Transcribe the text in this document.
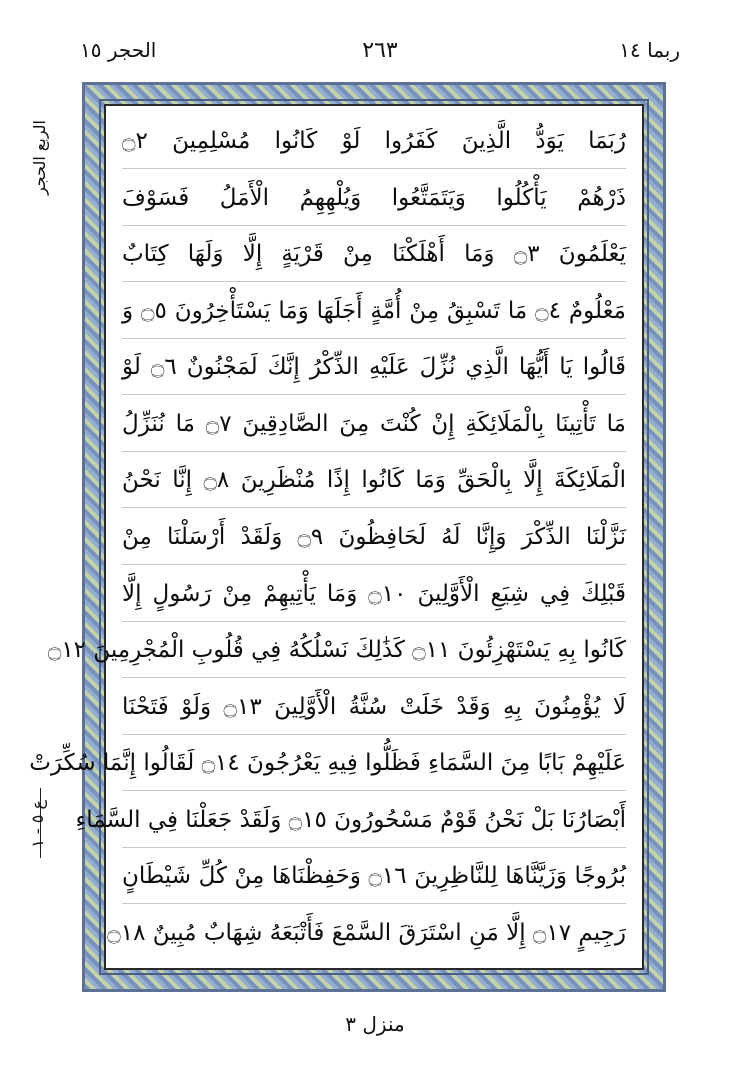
الحجر ١٥	٢٦٣	ربما ١٤
الربع الحجر
ع ٥ - ١
رُبَمَا يَوَدُّ الَّذِينَ كَفَرُوا لَوْ كَانُوا مُسْلِمِينَ ۝٢
ذَرْهُمْ يَأْكُلُوا وَيَتَمَتَّعُوا وَيُلْهِهِمُ الْأَمَلُ فَسَوْفَ
يَعْلَمُونَ ۝٣ وَمَا أَهْلَكْنَا مِنْ قَرْيَةٍ إِلَّا وَلَهَا كِتَابٌ
مَعْلُومٌ ۝٤ مَا تَسْبِقُ مِنْ أُمَّةٍ أَجَلَهَا وَمَا يَسْتَأْخِرُونَ ۝٥ وَ
قَالُوا يَا أَيُّهَا الَّذِي نُزِّلَ عَلَيْهِ الذِّكْرُ إِنَّكَ لَمَجْنُونٌ ۝٦ لَوْ
مَا تَأْتِينَا بِالْمَلَائِكَةِ إِنْ كُنْتَ مِنَ الصَّادِقِينَ ۝٧ مَا نُنَزِّلُ
الْمَلَائِكَةَ إِلَّا بِالْحَقِّ وَمَا كَانُوا إِذًا مُنْظَرِينَ ۝٨ إِنَّا نَحْنُ
نَزَّلْنَا الذِّكْرَ وَإِنَّا لَهُ لَحَافِظُونَ ۝٩ وَلَقَدْ أَرْسَلْنَا مِنْ
قَبْلِكَ فِي شِيَعِ الْأَوَّلِينَ ۝١٠ وَمَا يَأْتِيهِمْ مِنْ رَسُولٍ إِلَّا
كَانُوا بِهِ يَسْتَهْزِئُونَ ۝١١ كَذَٰلِكَ نَسْلُكُهُ فِي قُلُوبِ الْمُجْرِمِينَ ۝١٢
لَا يُؤْمِنُونَ بِهِ وَقَدْ خَلَتْ سُنَّةُ الْأَوَّلِينَ ۝١٣ وَلَوْ فَتَحْنَا
عَلَيْهِمْ بَابًا مِنَ السَّمَاءِ فَظَلُّوا فِيهِ يَعْرُجُونَ ۝١٤ لَقَالُوا إِنَّمَا سُكِّرَتْ
أَبْصَارُنَا بَلْ نَحْنُ قَوْمٌ مَسْحُورُونَ ۝١٥ وَلَقَدْ جَعَلْنَا فِي السَّمَاءِ
بُرُوجًا وَزَيَّنَّاهَا لِلنَّاظِرِينَ ۝١٦ وَحَفِظْنَاهَا مِنْ كُلِّ شَيْطَانٍ
رَجِيمٍ ۝١٧ إِلَّا مَنِ اسْتَرَقَ السَّمْعَ فَأَتْبَعَهُ شِهَابٌ مُبِينٌ ۝١٨
منزل ٣
